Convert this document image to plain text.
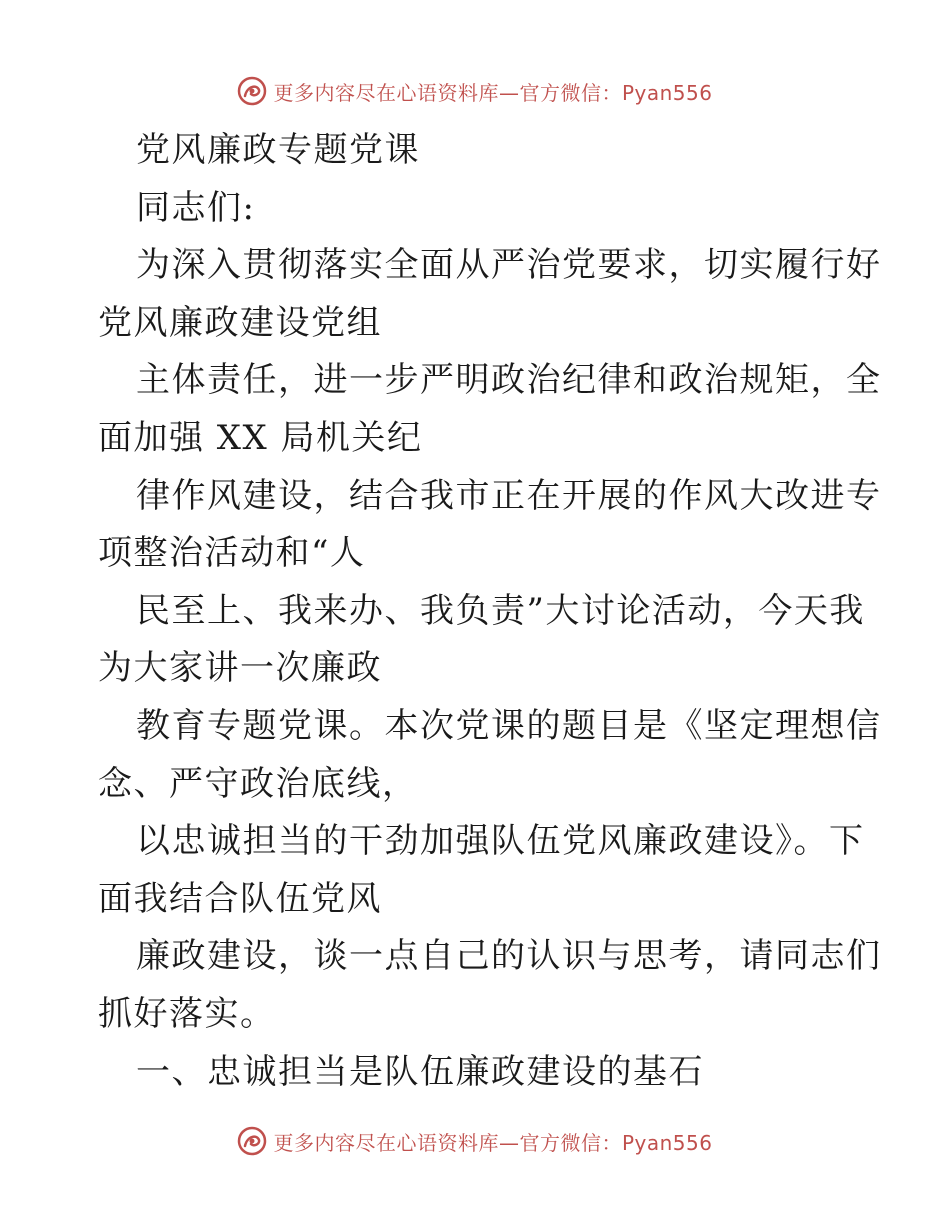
更多内容尽在心语资料库—官方微信：Pyan556
党风廉政专题党课
同志们:
为深入贯彻落实全面从严治党要求，切实履行好
党风廉政建设党组
主体责任，进一步严明政治纪律和政治规矩，全
面加强 XX 局机关纪
律作风建设，结合我市正在开展的作风大改进专
项整治活动和“人
民至上、我来办、我负责”大讨论活动，今天我
为大家讲一次廉政
教育专题党课。本次党课的题目是《坚定理想信
念、严守政治底线，
以忠诚担当的干劲加强队伍党风廉政建设》。下
面我结合队伍党风
廉政建设，谈一点自己的认识与思考，请同志们
抓好落实。
一、忠诚担当是队伍廉政建设的基石
更多内容尽在心语资料库—官方微信：Pyan556
